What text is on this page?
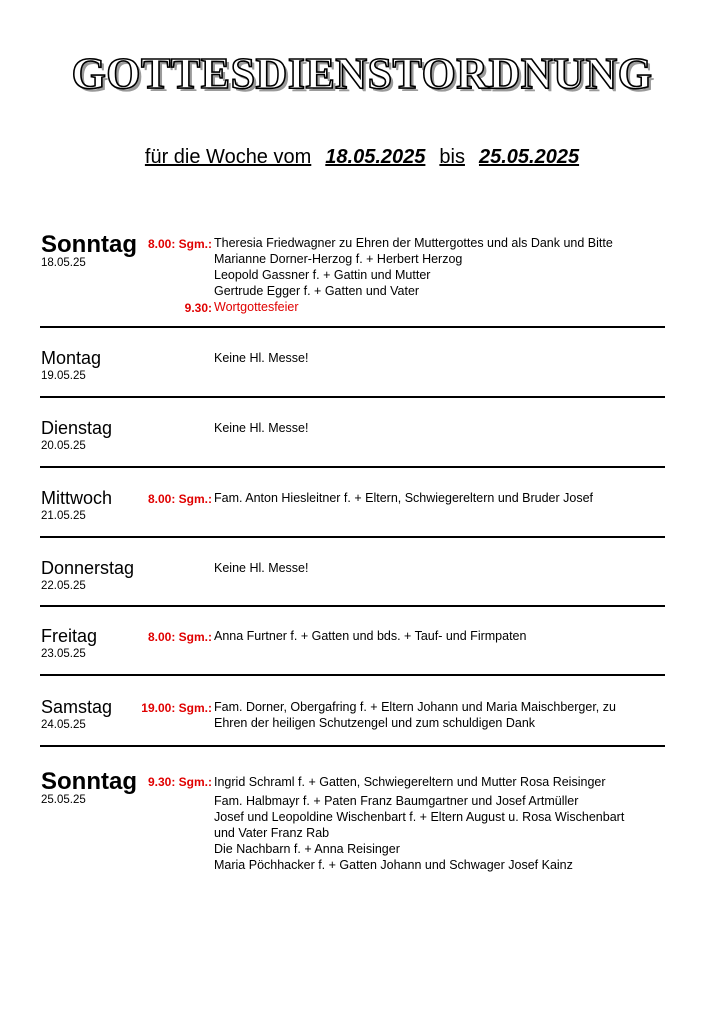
GOTTESDIENSTORDNUNG
für die Woche vom 18.05.2025 bis 25.05.2025
Sonntag
18.05.25
8.00: Sgm.:
9.30:
Theresia Friedwagner zu Ehren der Muttergottes und als Dank und Bitte
Marianne Dorner-Herzog f. + Herbert Herzog
Leopold Gassner f. + Gattin und Mutter
Gertrude Egger f. + Gatten und Vater
Wortgottesfeier
Montag
19.05.25
Keine Hl. Messe!
Dienstag
20.05.25
Keine Hl. Messe!
Mittwoch
21.05.25
8.00: Sgm.: Fam. Anton Hiesleitner f. + Eltern, Schwiegereltern und Bruder Josef
Donnerstag
22.05.25
Keine Hl. Messe!
Freitag
23.05.25
8.00: Sgm.: Anna Furtner f. + Gatten und bds. + Tauf- und Firmpaten
Samstag
24.05.25
19.00: Sgm.: Fam. Dorner, Obergafring f. + Eltern Johann und Maria Maischberger, zu
Ehren der heiligen Schutzengel und zum schuldigen Dank
Sonntag
25.05.25
9.30: Sgm.: Ingrid Schraml f. + Gatten, Schwiegereltern und Mutter Rosa Reisinger
Fam. Halbmayr f. + Paten Franz Baumgartner und Josef Artmüller
Josef und Leopoldine Wischenbart f. + Eltern August u. Rosa Wischenbart
und Vater Franz Rab
Die Nachbarn f. + Anna Reisinger
Maria Pöchhacker f. + Gatten Johann und Schwager Josef Kainz
